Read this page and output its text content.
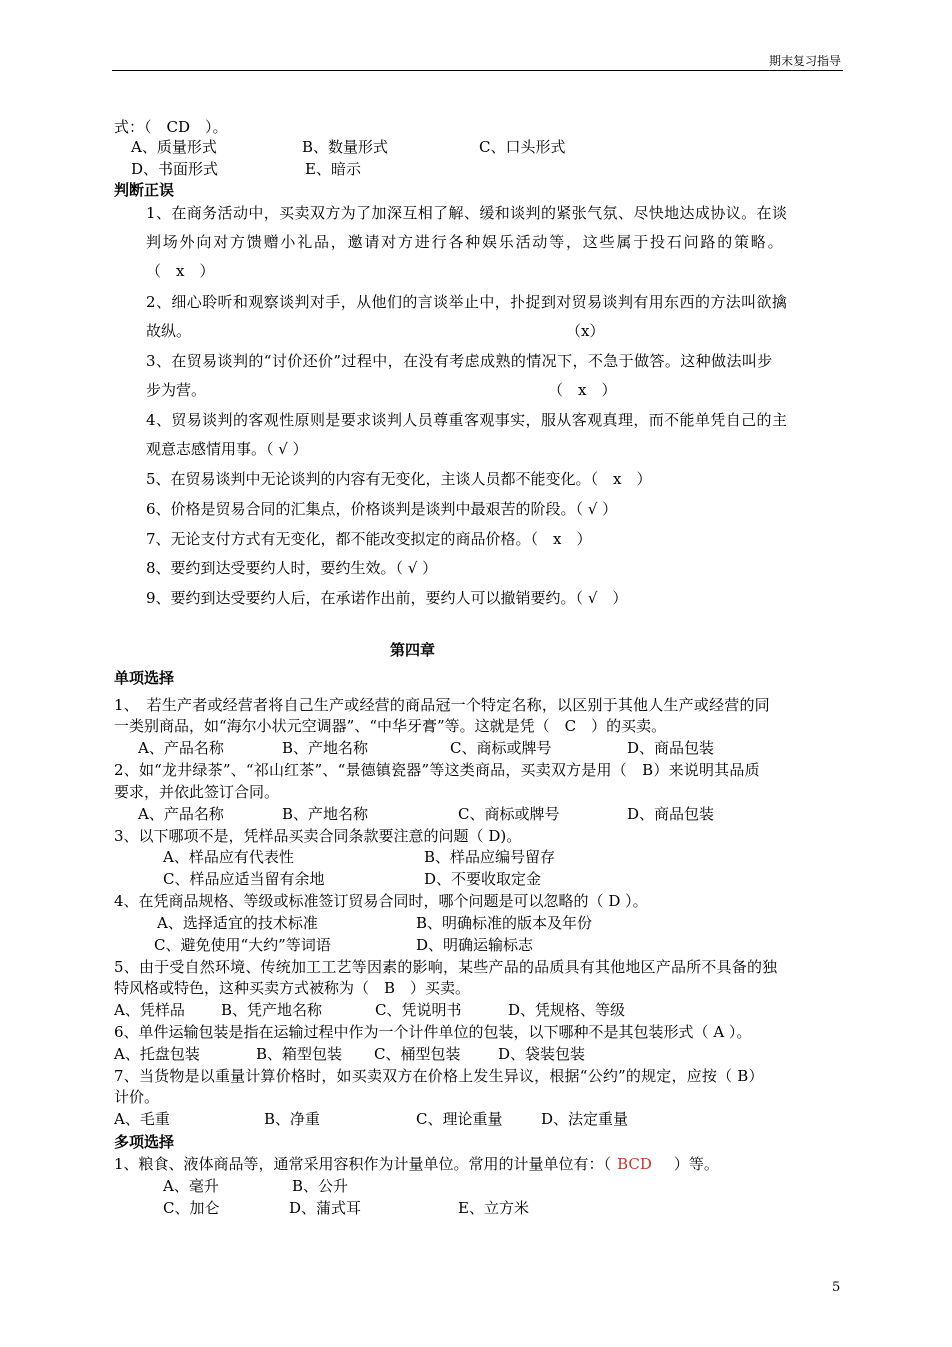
期末复习指导
式：（　CD　）。
A、质量形式	B、数量形式	C、口头形式
D、书面形式	E、暗示
判断正误
1、在商务活动中，买卖双方为了加深互相了解、缓和谈判的紧张气氛、尽快地达成协议。在谈
判场外向对方馈赠小礼品，邀请对方进行各种娱乐活动等，这些属于投石问路的策略。
（　x　）
2、细心聆听和观察谈判对手，从他们的言谈举止中，扑捉到对贸易谈判有用东西的方法叫欲擒
故纵。	（x）
3、在贸易谈判的“讨价还价”过程中，在没有考虑成熟的情况下，不急于做答。这种做法叫步
步为营。	（　x　）
4、贸易谈判的客观性原则是要求谈判人员尊重客观事实，服从客观真理，而不能单凭自己的主
观意志感情用事。（ √ ）
5、在贸易谈判中无论谈判的内容有无变化，主谈人员都不能变化。（　x　）
6、价格是贸易合同的汇集点，价格谈判是谈判中最艰苦的阶段。（ √ ）
7、无论支付方式有无变化，都不能改变拟定的商品价格。（　x　）
8、要约到达受要约人时，要约生效。（ √ ）
9、要约到达受要约人后，在承诺作出前，要约人可以撤销要约。（ √　）
第四章
单项选择
1、　若生产者或经营者将自己生产或经营的商品冠一个特定名称，以区别于其他人生产或经营的同
一类别商品，如“海尔小状元空调器”、“中华牙膏”等。这就是凭（　C　）的买卖。
A、产品名称	B、产地名称	C、商标或牌号	D、商品包装
2、如“龙井绿茶”、“祁山红茶”、“景德镇瓷器”等这类商品，买卖双方是用（　B）来说明其品质
要求，并依此签订合同。
A、产品名称	B、产地名称	C、商标或牌号	D、商品包装
3、以下哪项不是，凭样品买卖合同条款要注意的问题（ D)。
A、样品应有代表性	B、样品应编号留存
C、样品应适当留有余地	D、不要收取定金
4、在凭商品规格、等级或标准签订贸易合同时，哪个问题是可以忽略的（ D ）。
A、选择适宜的技术标准	B、明确标准的版本及年份
C、避免使用“大约”等词语	D、明确运输标志
5、由于受自然环境、传统加工工艺等因素的影响，某些产品的品质具有其他地区产品所不具备的独
特风格或特色，这种买卖方式被称为（　B　）买卖。
A、凭样品 B、凭产地名称	C、凭说明书	D、凭规格、等级
6、单件运输包装是指在运输过程中作为一个计件单位的包装，以下哪种不是其包装形式（ A ）。
A、托盘包装	B、箱型包装 C、桶型包装	D、袋装包装
7、当货物是以重量计算价格时，如买卖双方在价格上发生异议，根据“公约”的规定，应按（ B）
计价。
A、毛重	B、净重	C、理论重量	D、法定重量
多项选择
1、粮食、液体商品等，通常采用容积作为计量单位。常用的计量单位有：（ BCD ）等。
A、毫升	B、公升
C、加仑	D、蒲式耳	E、立方米
5
